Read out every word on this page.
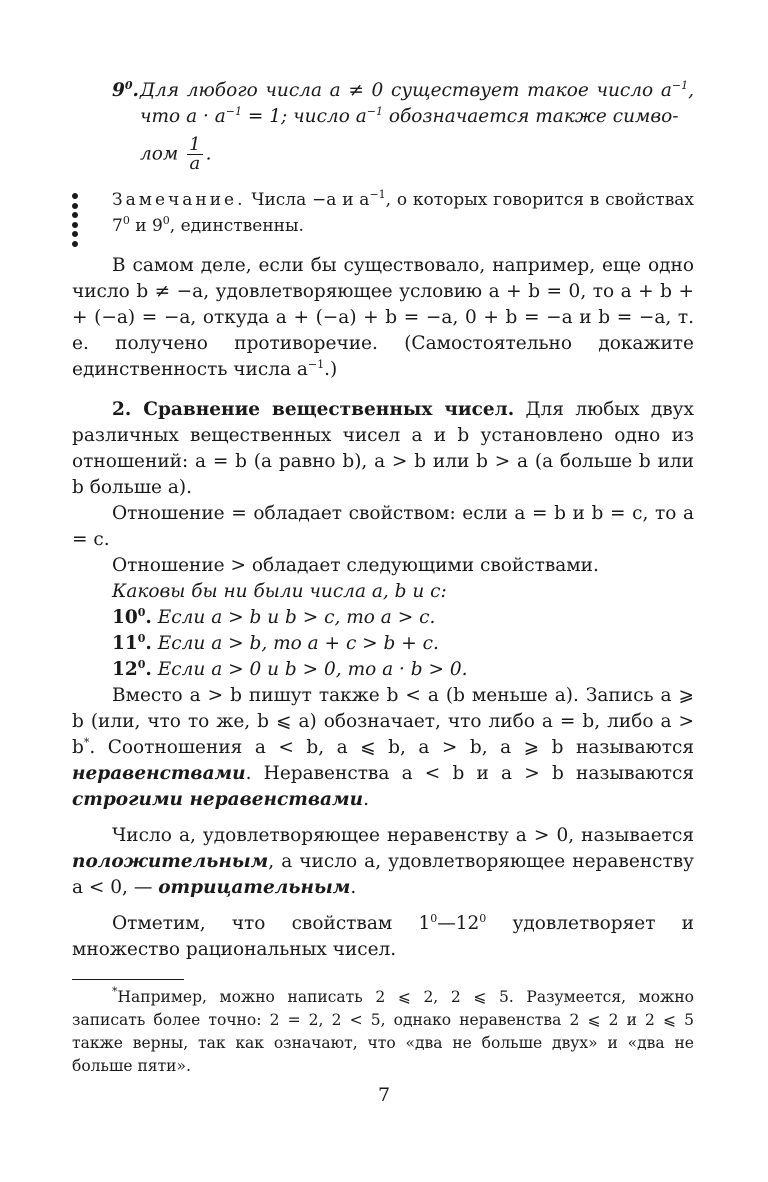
$9^0$. Для любого числа a ≠ 0 существует такое число $a^{-1}$, что $a \cdot a^{-1} = 1$; число $a^{-1}$ обозначается также симво-

лом $\frac{1}{a}$ .

Замечание. Числа −a и $a^{-1}$, о которых говорится в свойствах $7^0$ и $9^0$, единственны.

В самом деле, если бы существовало, например, еще одно число b ≠ −a, удовлетворяющее условию a + b = 0, то a + b + + (−a) = −a, откуда a + (−a) + b = −a, 0 + b = −a и b = −a, т. е. получено противоречие. (Самостоятельно докажите единственность числа $a^{-1}$.)

2. Сравнение вещественных чисел. Для любых двух различных вещественных чисел a и b установлено одно из отношений: a = b (a равно b), a > b или b > a (a больше b или b больше a).

Отношение = обладает свойством: если a = b и b = c, то a = c.

Отношение > обладает следующими свойствами.

Каковы бы ни были числа a, b и c:

$10^0$. Если a > b и b > c, то a > c.

$11^0$. Если a > b, то a + c > b + c.

$12^0$. Если a > 0 и b > 0, то a · b > 0.

Вместо a > b пишут также b < a (b меньше a). Запись a ⩾ b (или, что то же, b ⩽ a) обозначает, что либо a = b, либо a > b*. Соотношения a < b, a ⩽ b, a > b, a ⩾ b называются неравенствами. Неравенства a < b и a > b называются строгими неравенствами.

Число a, удовлетворяющее неравенству a > 0, называется положительным, а число a, удовлетворяющее неравенству a < 0, — отрицательным.

Отметим, что свойствам $1^0—12^0$ удовлетворяет и множество рациональных чисел.

*Например, можно написать 2 ⩽ 2, 2 ⩽ 5. Разумеется, можно записать более точно: 2 = 2, 2 < 5, однако неравенства 2 ⩽ 2 и 2 ⩽ 5 также верны, так как означают, что «два не больше двух» и «два не больше пяти».

7
